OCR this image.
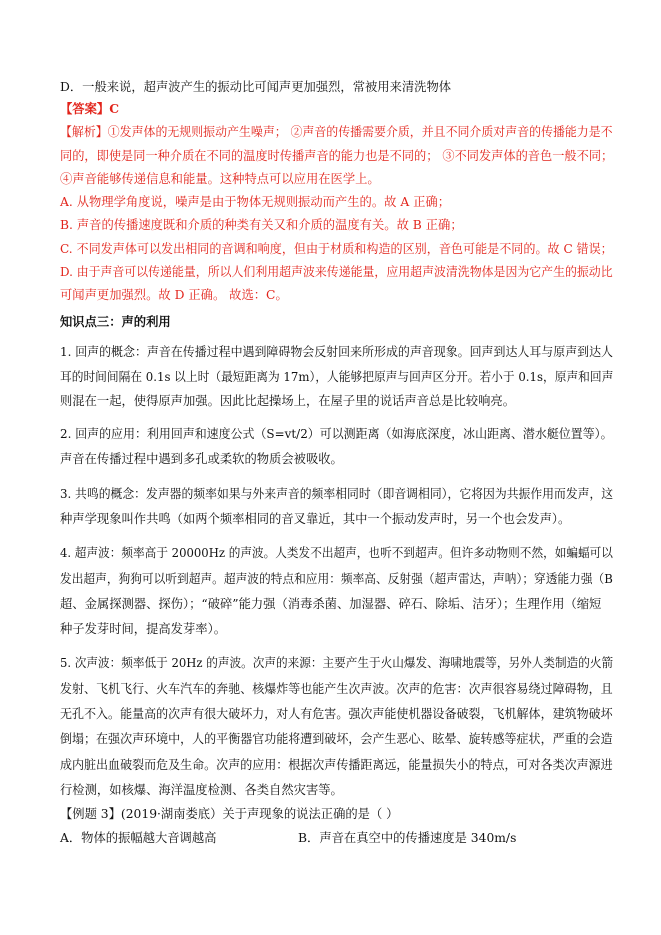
D．一般来说，超声波产生的振动比可闻声更加强烈，常被用来清洗物体
【答案】C
【解析】①发声体的无规则振动产生噪声； ②声音的传播需要介质，并且不同介质对声音的传播能力是不
同的，即使是同一种介质在不同的温度时传播声音的能力也是不同的； ③不同发声体的音色一般不同；
④声音能够传递信息和能量。这种特点可以应用在医学上。
A. 从物理学角度说，噪声是由于物体无规则振动而产生的。故 A 正确；
B. 声音的传播速度既和介质的种类有关又和介质的温度有关。故 B 正确；
C. 不同发声体可以发出相同的音调和响度，但由于材质和构造的区别，音色可能是不同的。故 C 错误；
D. 由于声音可以传递能量，所以人们利用超声波来传递能量，应用超声波清洗物体是因为它产生的振动比
可闻声更加强烈。故 D 正确。 故选：C。
知识点三：声的利用
1. 回声的概念：声音在传播过程中遇到障碍物会反射回来所形成的声音现象。回声到达人耳与原声到达人
耳的时间间隔在 0.1s 以上时（最短距离为 17m），人能够把原声与回声区分开。若小于 0.1s，原声和回声
则混在一起，使得原声加强。因此比起操场上，在屋子里的说话声音总是比较响亮。
2. 回声的应用：利用回声和速度公式（S=vt/2）可以测距离（如海底深度，冰山距离、潜水艇位置等）。
声音在传播过程中遇到多孔或柔软的物质会被吸收。
3. 共鸣的概念：发声器的频率如果与外来声音的频率相同时（即音调相同），它将因为共振作用而发声，这
种声学现象叫作共鸣（如两个频率相同的音叉靠近，其中一个振动发声时，另一个也会发声）。
4. 超声波：频率高于 20000Hz 的声波。人类发不出超声，也听不到超声。但许多动物则不然，如蝙蝠可以
发出超声，狗狗可以听到超声。超声波的特点和应用：频率高、反射强（超声雷达，声呐）；穿透能力强（B
超、金属探测器、探伤）；“破碎”能力强（消毒杀菌、加湿器、碎石、除垢、洁牙）；生理作用（缩短
种子发芽时间，提高发芽率）。
5. 次声波：频率低于 20Hz 的声波。次声的来源：主要产生于火山爆发、海啸地震等，另外人类制造的火箭
发射、飞机飞行、火车汽车的奔驰、核爆炸等也能产生次声波。次声的危害：次声很容易绕过障碍物，且
无孔不入。能量高的次声有很大破坏力，对人有危害。强次声能使机器设备破裂，飞机解体，建筑物破坏
倒塌；在强次声环境中，人的平衡器官功能将遭到破坏，会产生恶心、眩晕、旋转感等症状，严重的会造
成内脏出血破裂而危及生命。次声的应用：根据次声传播距离远，能量损失小的特点，可对各类次声源进
行检测，如核爆、海洋温度检测、各类自然灾害等。
【例题 3】(2019·湖南娄底）关于声现象的说法正确的是（ ）
A．物体的振幅越大音调越高	B．声音在真空中的传播速度是 340m/s
